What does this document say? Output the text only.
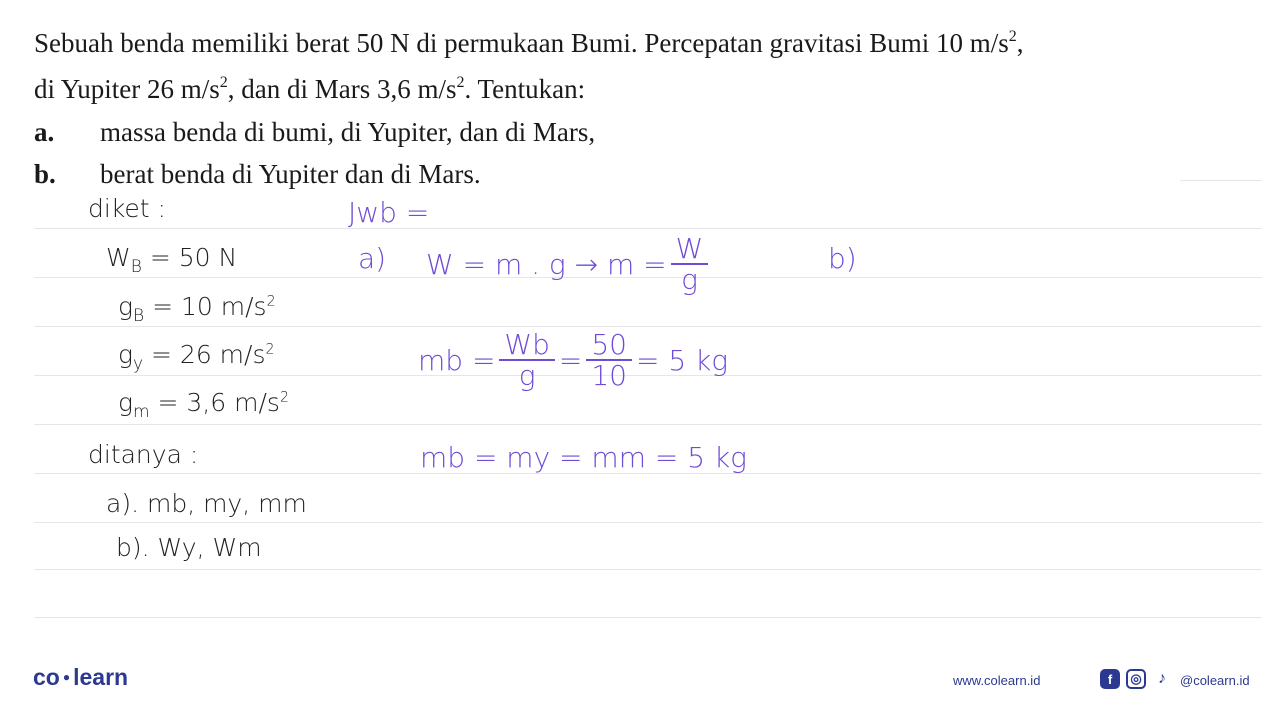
Sebuah benda memiliki berat 50 N di permukaan Bumi. Percepatan gravitasi Bumi 10 $m/s^2$,
di Yupiter 26 $m/s^2$, dan di Mars 3,6 $m/s^2$. Tentukan:
a. massa benda di bumi, di Yupiter, dan di Mars,
b. berat benda di Yupiter dan di Mars.
diket :
$W_B = 50$ N
$g_B = 10$ $m/s^2$
$g_y = 26$ $m/s^2$
$g_m = 3,6$ $m/s^2$
ditanya :
a). mb, my, mm
b). Wy, Wm
Jwb =
a) W = m . $g \to m = \frac{W}{g}$	b)
mb = $\frac{Wb}{g} = \frac{50}{10} = 5$ kg
mb = my = mm = 5 kg
co ● learn	www.colearn.id	f	◎	♪	@colearn.id
